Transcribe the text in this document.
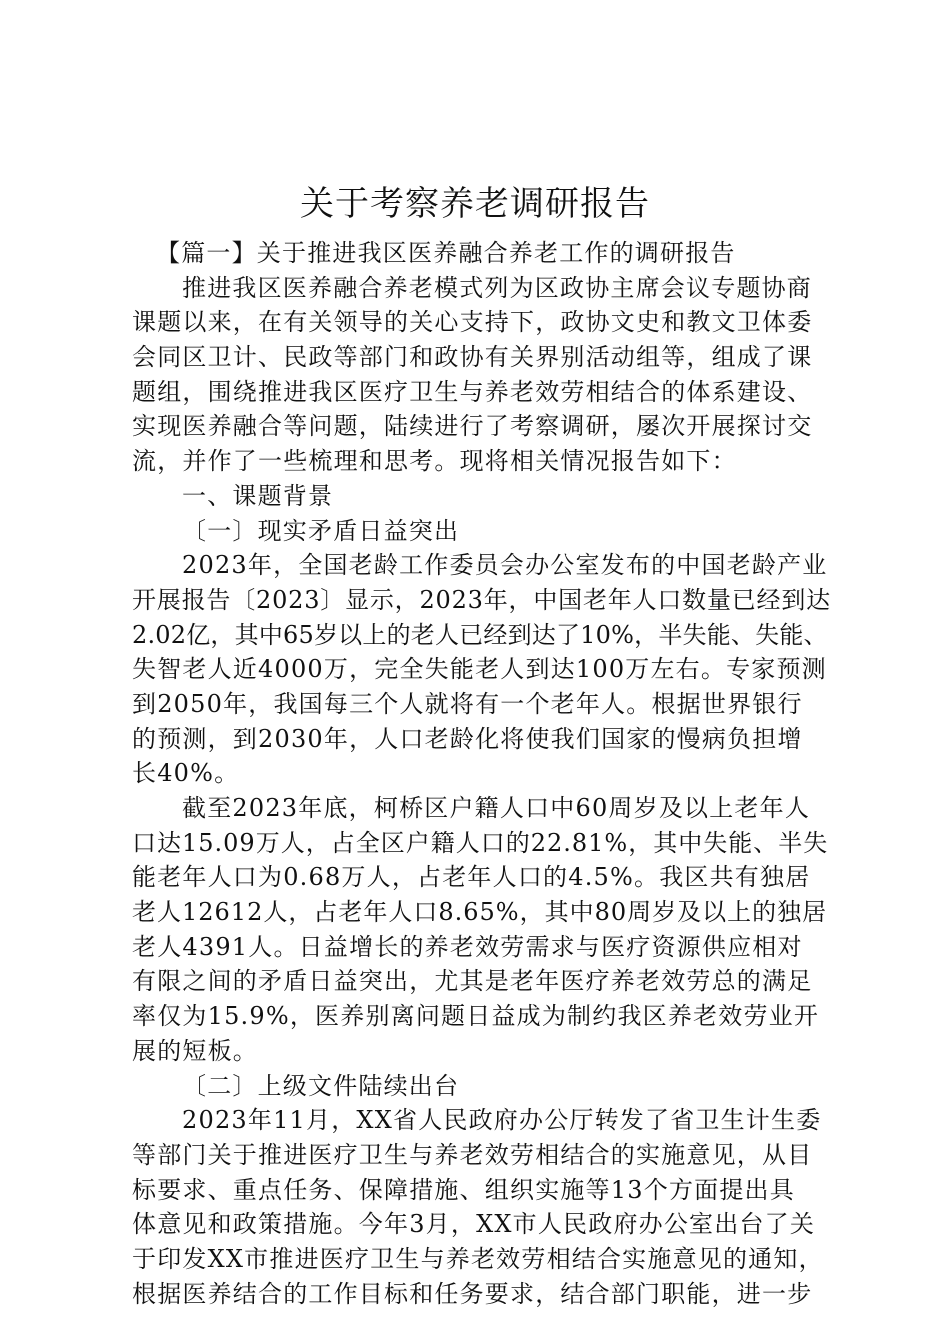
关于考察养老调研报告
【篇一】关于推进我区医养融合养老工作的调研报告
推进我区医养融合养老模式列为区政协主席会议专题协商
课题以来，在有关领导的关心支持下，政协文史和教文卫体委
会同区卫计、民政等部门和政协有关界别活动组等，组成了课
题组，围绕推进我区医疗卫生与养老效劳相结合的体系建设、
实现医养融合等问题，陆续进行了考察调研，屡次开展探讨交
流，并作了一些梳理和思考。现将相关情况报告如下：
一、课题背景
〔一〕现实矛盾日益突出
2023年，全国老龄工作委员会办公室发布的中国老龄产业
开展报告〔2023〕显示，2023年，中国老年人口数量已经到达
2.02亿，其中65岁以上的老人已经到达了10%，半失能、失能、
失智老人近4000万，完全失能老人到达100万左右。专家预测
到2050年，我国每三个人就将有一个老年人。根据世界银行
的预测，到2030年，人口老龄化将使我们国家的慢病负担增
长40%。
截至2023年底，柯桥区户籍人口中60周岁及以上老年人
口达15.09万人，占全区户籍人口的22.81%，其中失能、半失
能老年人口为0.68万人，占老年人口的4.5%。我区共有独居
老人12612人，占老年人口8.65%，其中80周岁及以上的独居
老人4391人。日益增长的养老效劳需求与医疗资源供应相对
有限之间的矛盾日益突出，尤其是老年医疗养老效劳总的满足
率仅为15.9%，医养别离问题日益成为制约我区养老效劳业开
展的短板。
〔二〕上级文件陆续出台
2023年11月，XX省人民政府办公厅转发了省卫生计生委
等部门关于推进医疗卫生与养老效劳相结合的实施意见，从目
标要求、重点任务、保障措施、组织实施等13个方面提出具
体意见和政策措施。今年3月，XX市人民政府办公室出台了关
于印发XX市推进医疗卫生与养老效劳相结合实施意见的通知，
根据医养结合的工作目标和任务要求，结合部门职能，进一步
